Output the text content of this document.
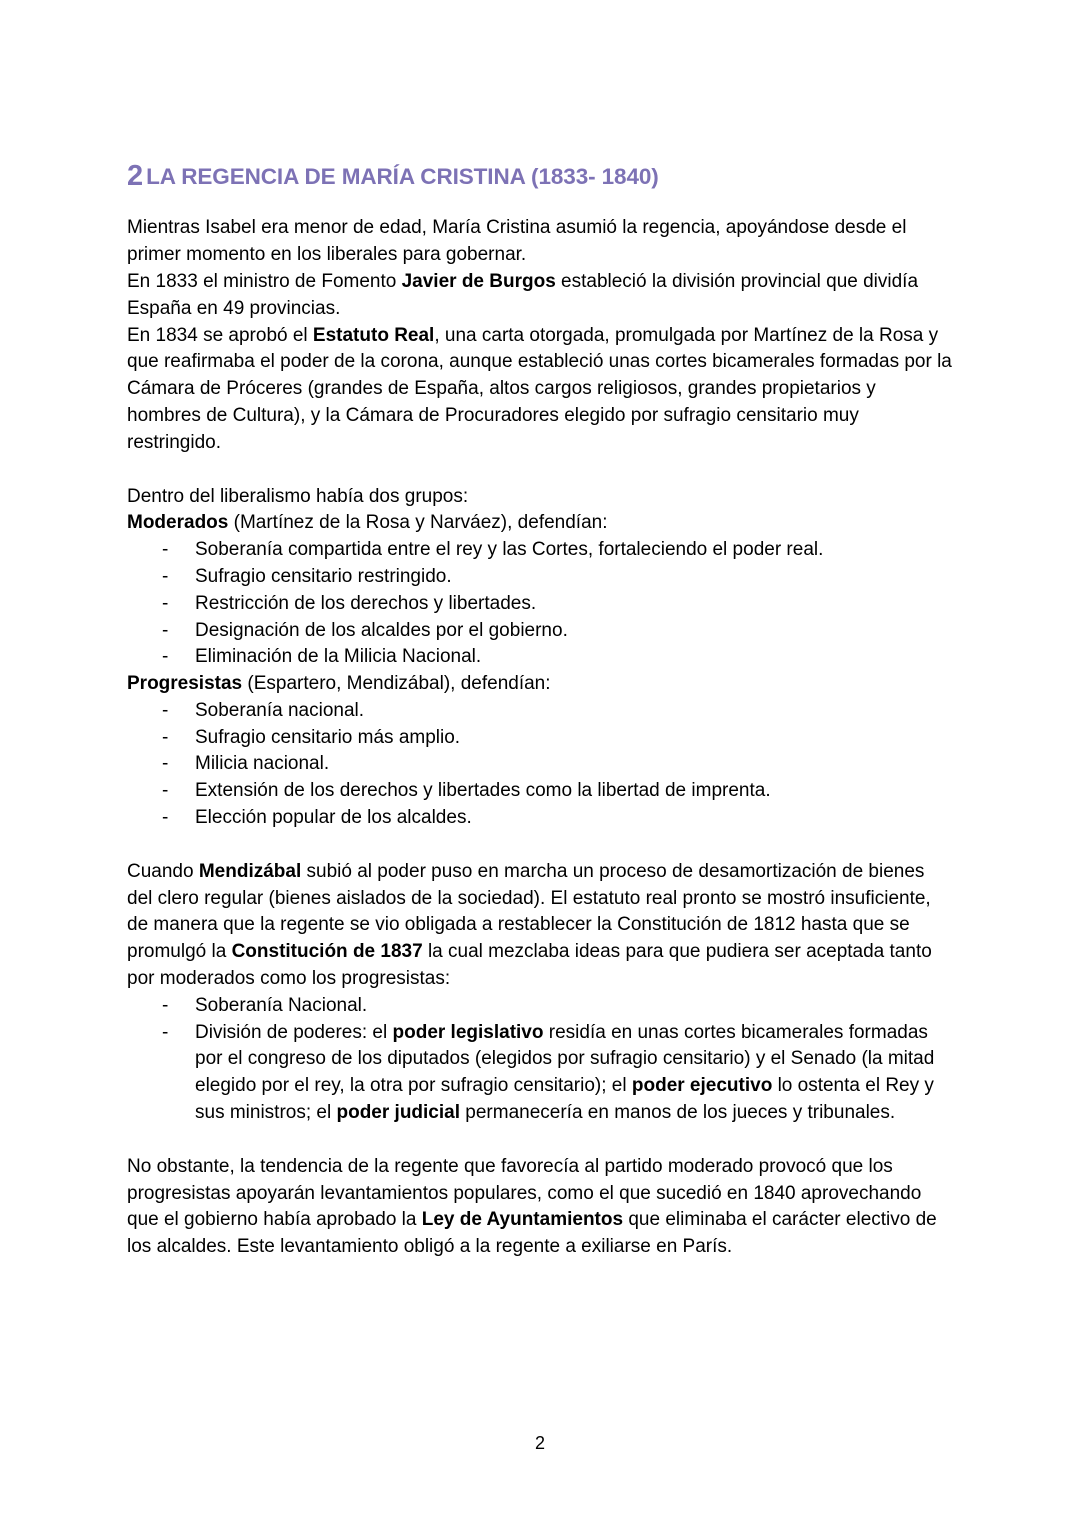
2 LA REGENCIA DE MARÍA CRISTINA (1833- 1840)

Mientras Isabel era menor de edad, María Cristina asumió la regencia, apoyándose desde el primer momento en los liberales para gobernar.
En 1833 el ministro de Fomento Javier de Burgos estableció la división provincial que dividía España en 49 provincias.
En 1834 se aprobó el Estatuto Real, una carta otorgada, promulgada por Martínez de la Rosa y que reafirmaba el poder de la corona, aunque estableció unas cortes bicamerales formadas por la Cámara de Próceres (grandes de España, altos cargos religiosos, grandes propietarios y hombres de Cultura), y la Cámara de Procuradores elegido por sufragio censitario muy restringido.

Dentro del liberalismo había dos grupos:
Moderados (Martínez de la Rosa y Narváez), defendían:

- Soberanía compartida entre el rey y las Cortes, fortaleciendo el poder real.
- Sufragio censitario restringido.
- Restricción de los derechos y libertades.
- Designación de los alcaldes por el gobierno.
- Eliminación de la Milicia Nacional.

Progresistas (Espartero, Mendizábal), defendían:

- Soberanía nacional.
- Sufragio censitario más amplio.
- Milicia nacional.
- Extensión de los derechos y libertades como la libertad de imprenta.
- Elección popular de los alcaldes.

Cuando Mendizábal subió al poder puso en marcha un proceso de desamortización de bienes del clero regular (bienes aislados de la sociedad). El estatuto real pronto se mostró insuficiente, de manera que la regente se vio obligada a restablecer la Constitución de 1812 hasta que se promulgó la Constitución de 1837 la cual mezclaba ideas para que pudiera ser aceptada tanto por moderados como los progresistas:

- Soberanía Nacional.
- División de poderes: el poder legislativo residía en unas cortes bicamerales formadas por el congreso de los diputados (elegidos por sufragio censitario) y el Senado (la mitad elegido por el rey, la otra por sufragio censitario); el poder ejecutivo lo ostenta el Rey y sus ministros; el poder judicial permanecería en manos de los jueces y tribunales.

No obstante, la tendencia de la regente que favorecía al partido moderado provocó que los progresistas apoyarán levantamientos populares, como el que sucedió en 1840 aprovechando que el gobierno había aprobado la Ley de Ayuntamientos que eliminaba el carácter electivo de los alcaldes. Este levantamiento obligó a la regente a exiliarse en París.

2
